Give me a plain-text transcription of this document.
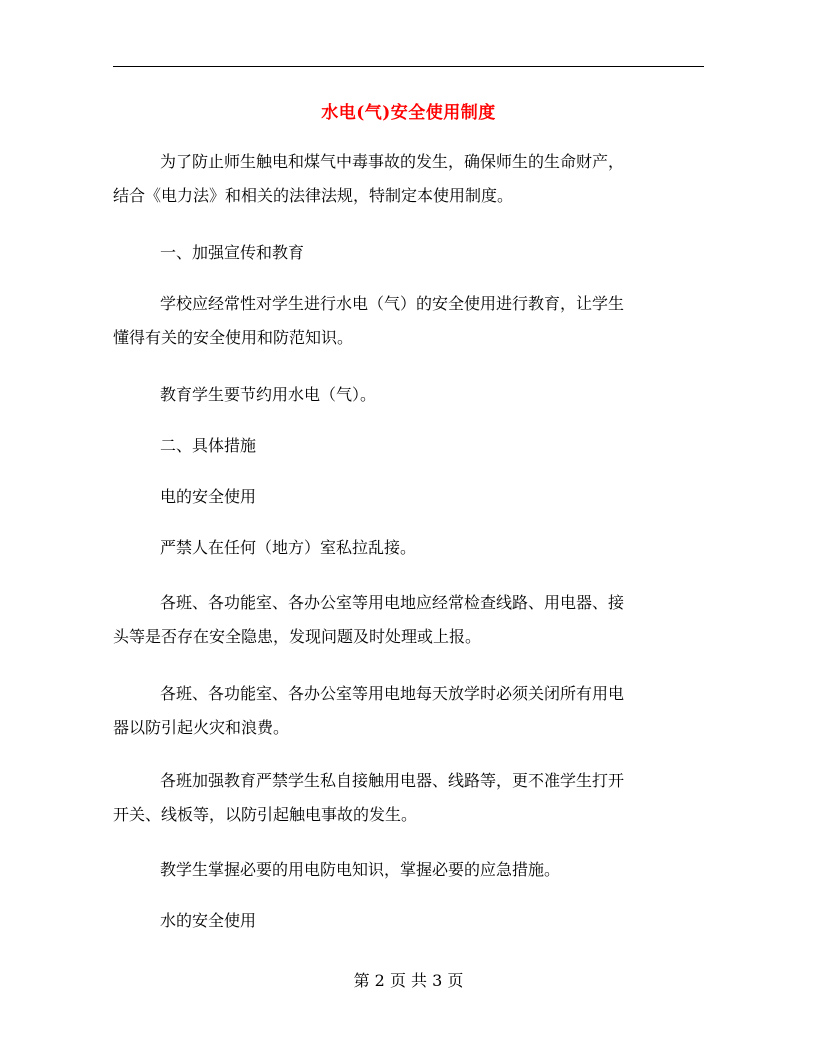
水电(气)安全使用制度
为了防止师生触电和煤气中毒事故的发生，确保师生的生命财产，
结合《电力法》和相关的法律法规，特制定本使用制度。
一、加强宣传和教育
学校应经常性对学生进行水电（气）的安全使用进行教育，让学生
懂得有关的安全使用和防范知识。
教育学生要节约用水电（气）。
二、具体措施
电的安全使用
严禁人在任何（地方）室私拉乱接。
各班、各功能室、各办公室等用电地应经常检查线路、用电器、接
头等是否存在安全隐患，发现问题及时处理或上报。
各班、各功能室、各办公室等用电地每天放学时必须关闭所有用电
器以防引起火灾和浪费。
各班加强教育严禁学生私自接触用电器、线路等，更不准学生打开
开关、线板等，以防引起触电事故的发生。
教学生掌握必要的用电防电知识，掌握必要的应急措施。
水的安全使用
第 2 页 共 3 页
